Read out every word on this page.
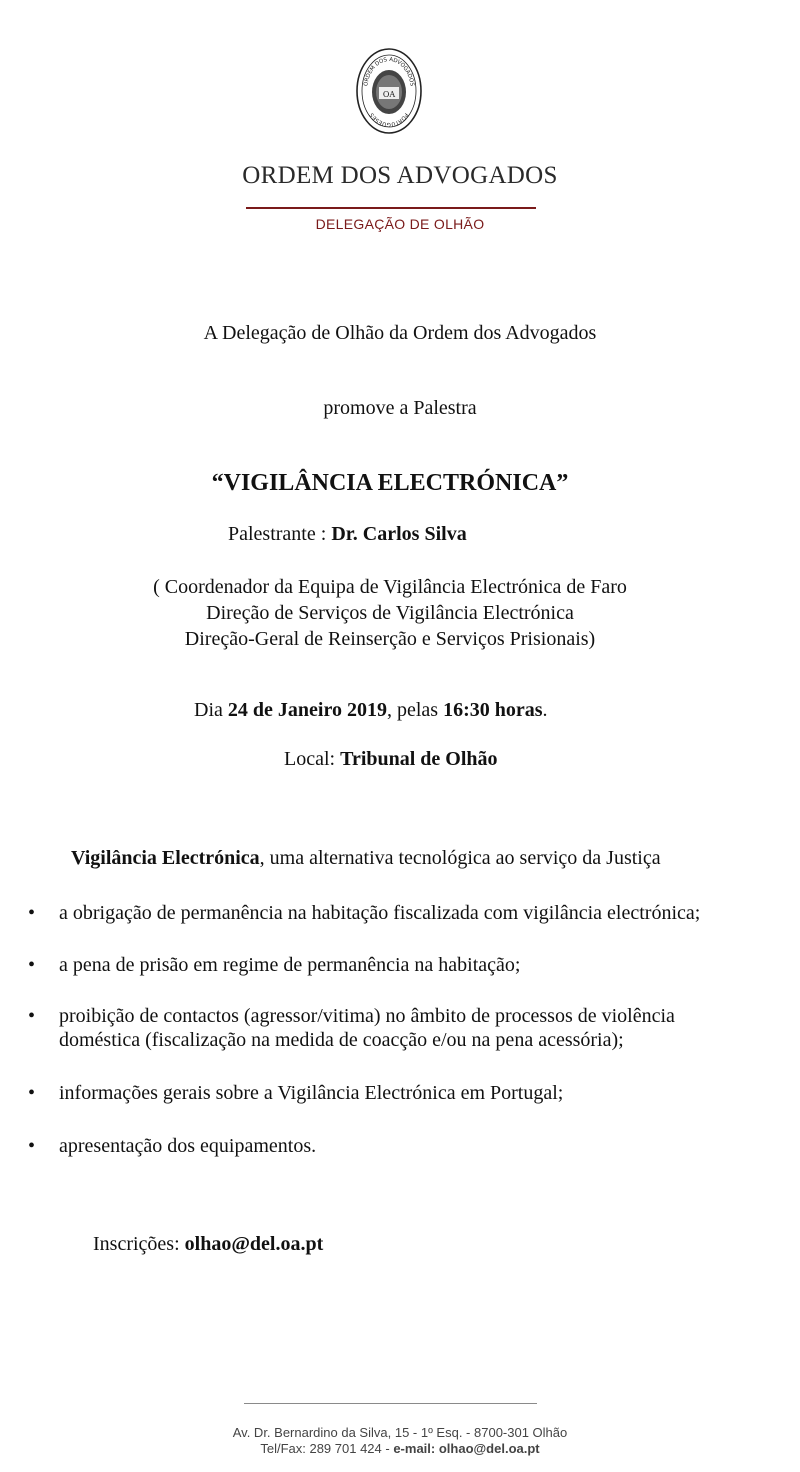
ORDEM DOS ADVOGADOS
PORTUGUESES
OA
ORDEM DOS ADVOGADOS
DELEGAÇÃO DE OLHÃO
A Delegação de Olhão da Ordem dos Advogados
promove a Palestra
“VIGILÂNCIA ELECTRÓNICA”
Palestrante : Dr. Carlos Silva
( Coordenador da Equipa de Vigilância Electrónica de Faro
Direção de Serviços de Vigilância Electrónica
Direção-Geral de Reinserção e Serviços Prisionais)
Dia 24 de Janeiro 2019, pelas 16:30 horas.
Local: Tribunal de Olhão
Vigilância Electrónica, uma alternativa tecnológica ao serviço da Justiça
• a obrigação de permanência na habitação fiscalizada com vigilância electrónica;
• a pena de prisão em regime de permanência na habitação;
• proibição de contactos (agressor/vitima) no âmbito de processos de violência doméstica (fiscalização na medida de coacção e/ou na pena acessória);
• informações gerais sobre a Vigilância Electrónica em Portugal;
• apresentação dos equipamentos.
Inscrições: olhao@del.oa.pt
Av. Dr. Bernardino da Silva, 15 - 1º Esq. - 8700-301 Olhão
Tel/Fax: 289 701 424 - e-mail: olhao@del.oa.pt
